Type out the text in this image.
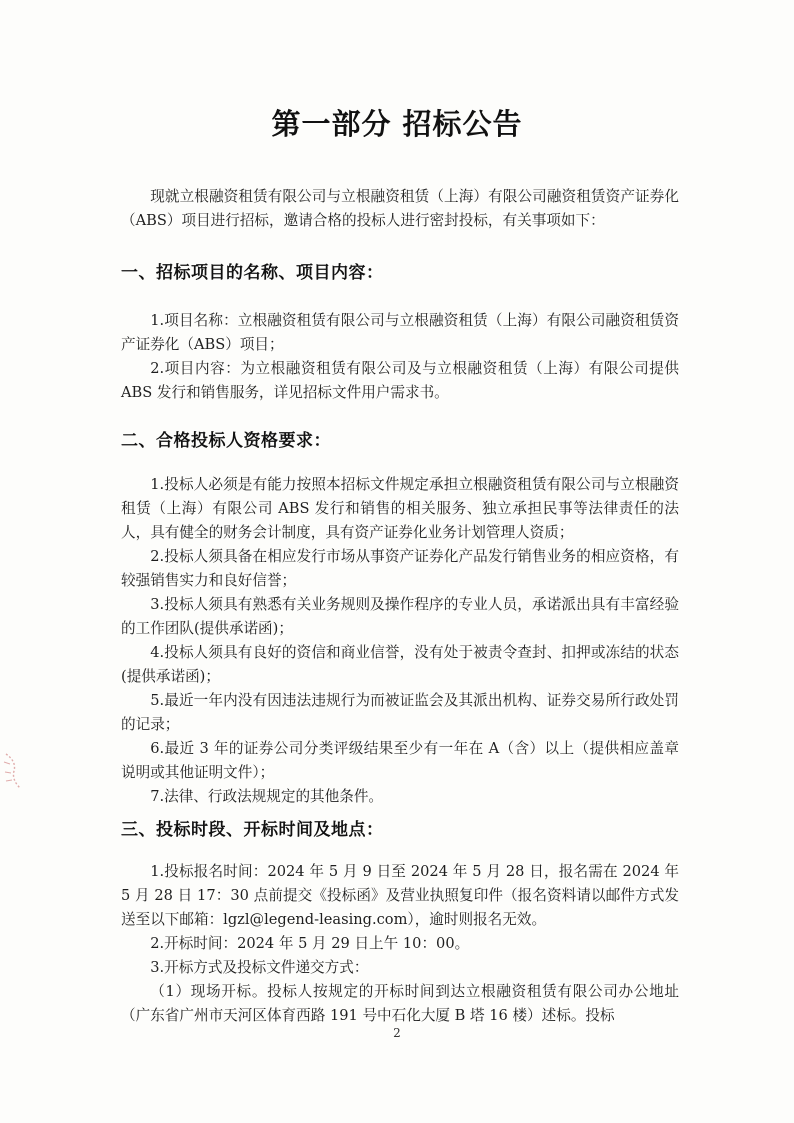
第一部分 招标公告

现就立根融资租赁有限公司与立根融资租赁（上海）有限公司融资租赁资产证券化（ABS）项目进行招标，邀请合格的投标人进行密封投标，有关事项如下：

一、招标项目的名称、项目内容：

1.项目名称：立根融资租赁有限公司与立根融资租赁（上海）有限公司融资租赁资产证券化（ABS）项目；

2.项目内容：为立根融资租赁有限公司及与立根融资租赁（上海）有限公司提供 ABS 发行和销售服务，详见招标文件用户需求书。

二、合格投标人资格要求：

1.投标人必须是有能力按照本招标文件规定承担立根融资租赁有限公司与立根融资租赁（上海）有限公司 ABS 发行和销售的相关服务、独立承担民事等法律责任的法人，具有健全的财务会计制度，具有资产证券化业务计划管理人资质；

2.投标人须具备在相应发行市场从事资产证券化产品发行销售业务的相应资格，有较强销售实力和良好信誉；

3.投标人须具有熟悉有关业务规则及操作程序的专业人员，承诺派出具有丰富经验的工作团队(提供承诺函)；

4.投标人须具有良好的资信和商业信誉，没有处于被责令查封、扣押或冻结的状态(提供承诺函)；

5.最近一年内没有因违法违规行为而被证监会及其派出机构、证券交易所行政处罚的记录；

6.最近 3 年的证券公司分类评级结果至少有一年在 A（含）以上（提供相应盖章说明或其他证明文件）；

7.法律、行政法规规定的其他条件。

三、投标时段、开标时间及地点：

1.投标报名时间：2024 年 5 月 9 日至 2024 年 5 月 28 日，报名需在 2024 年 5 月 28 日 17：30 点前提交《投标函》及营业执照复印件（报名资料请以邮件方式发送至以下邮箱：lgzl@legend-leasing.com），逾时则报名无效。

2.开标时间：2024 年 5 月 29 日上午 10：00。

3.开标方式及投标文件递交方式：

（1）现场开标。投标人按规定的开标时间到达立根融资租赁有限公司办公地址（广东省广州市天河区体育西路 191 号中石化大厦 B 塔 16 楼）述标。投标

2
